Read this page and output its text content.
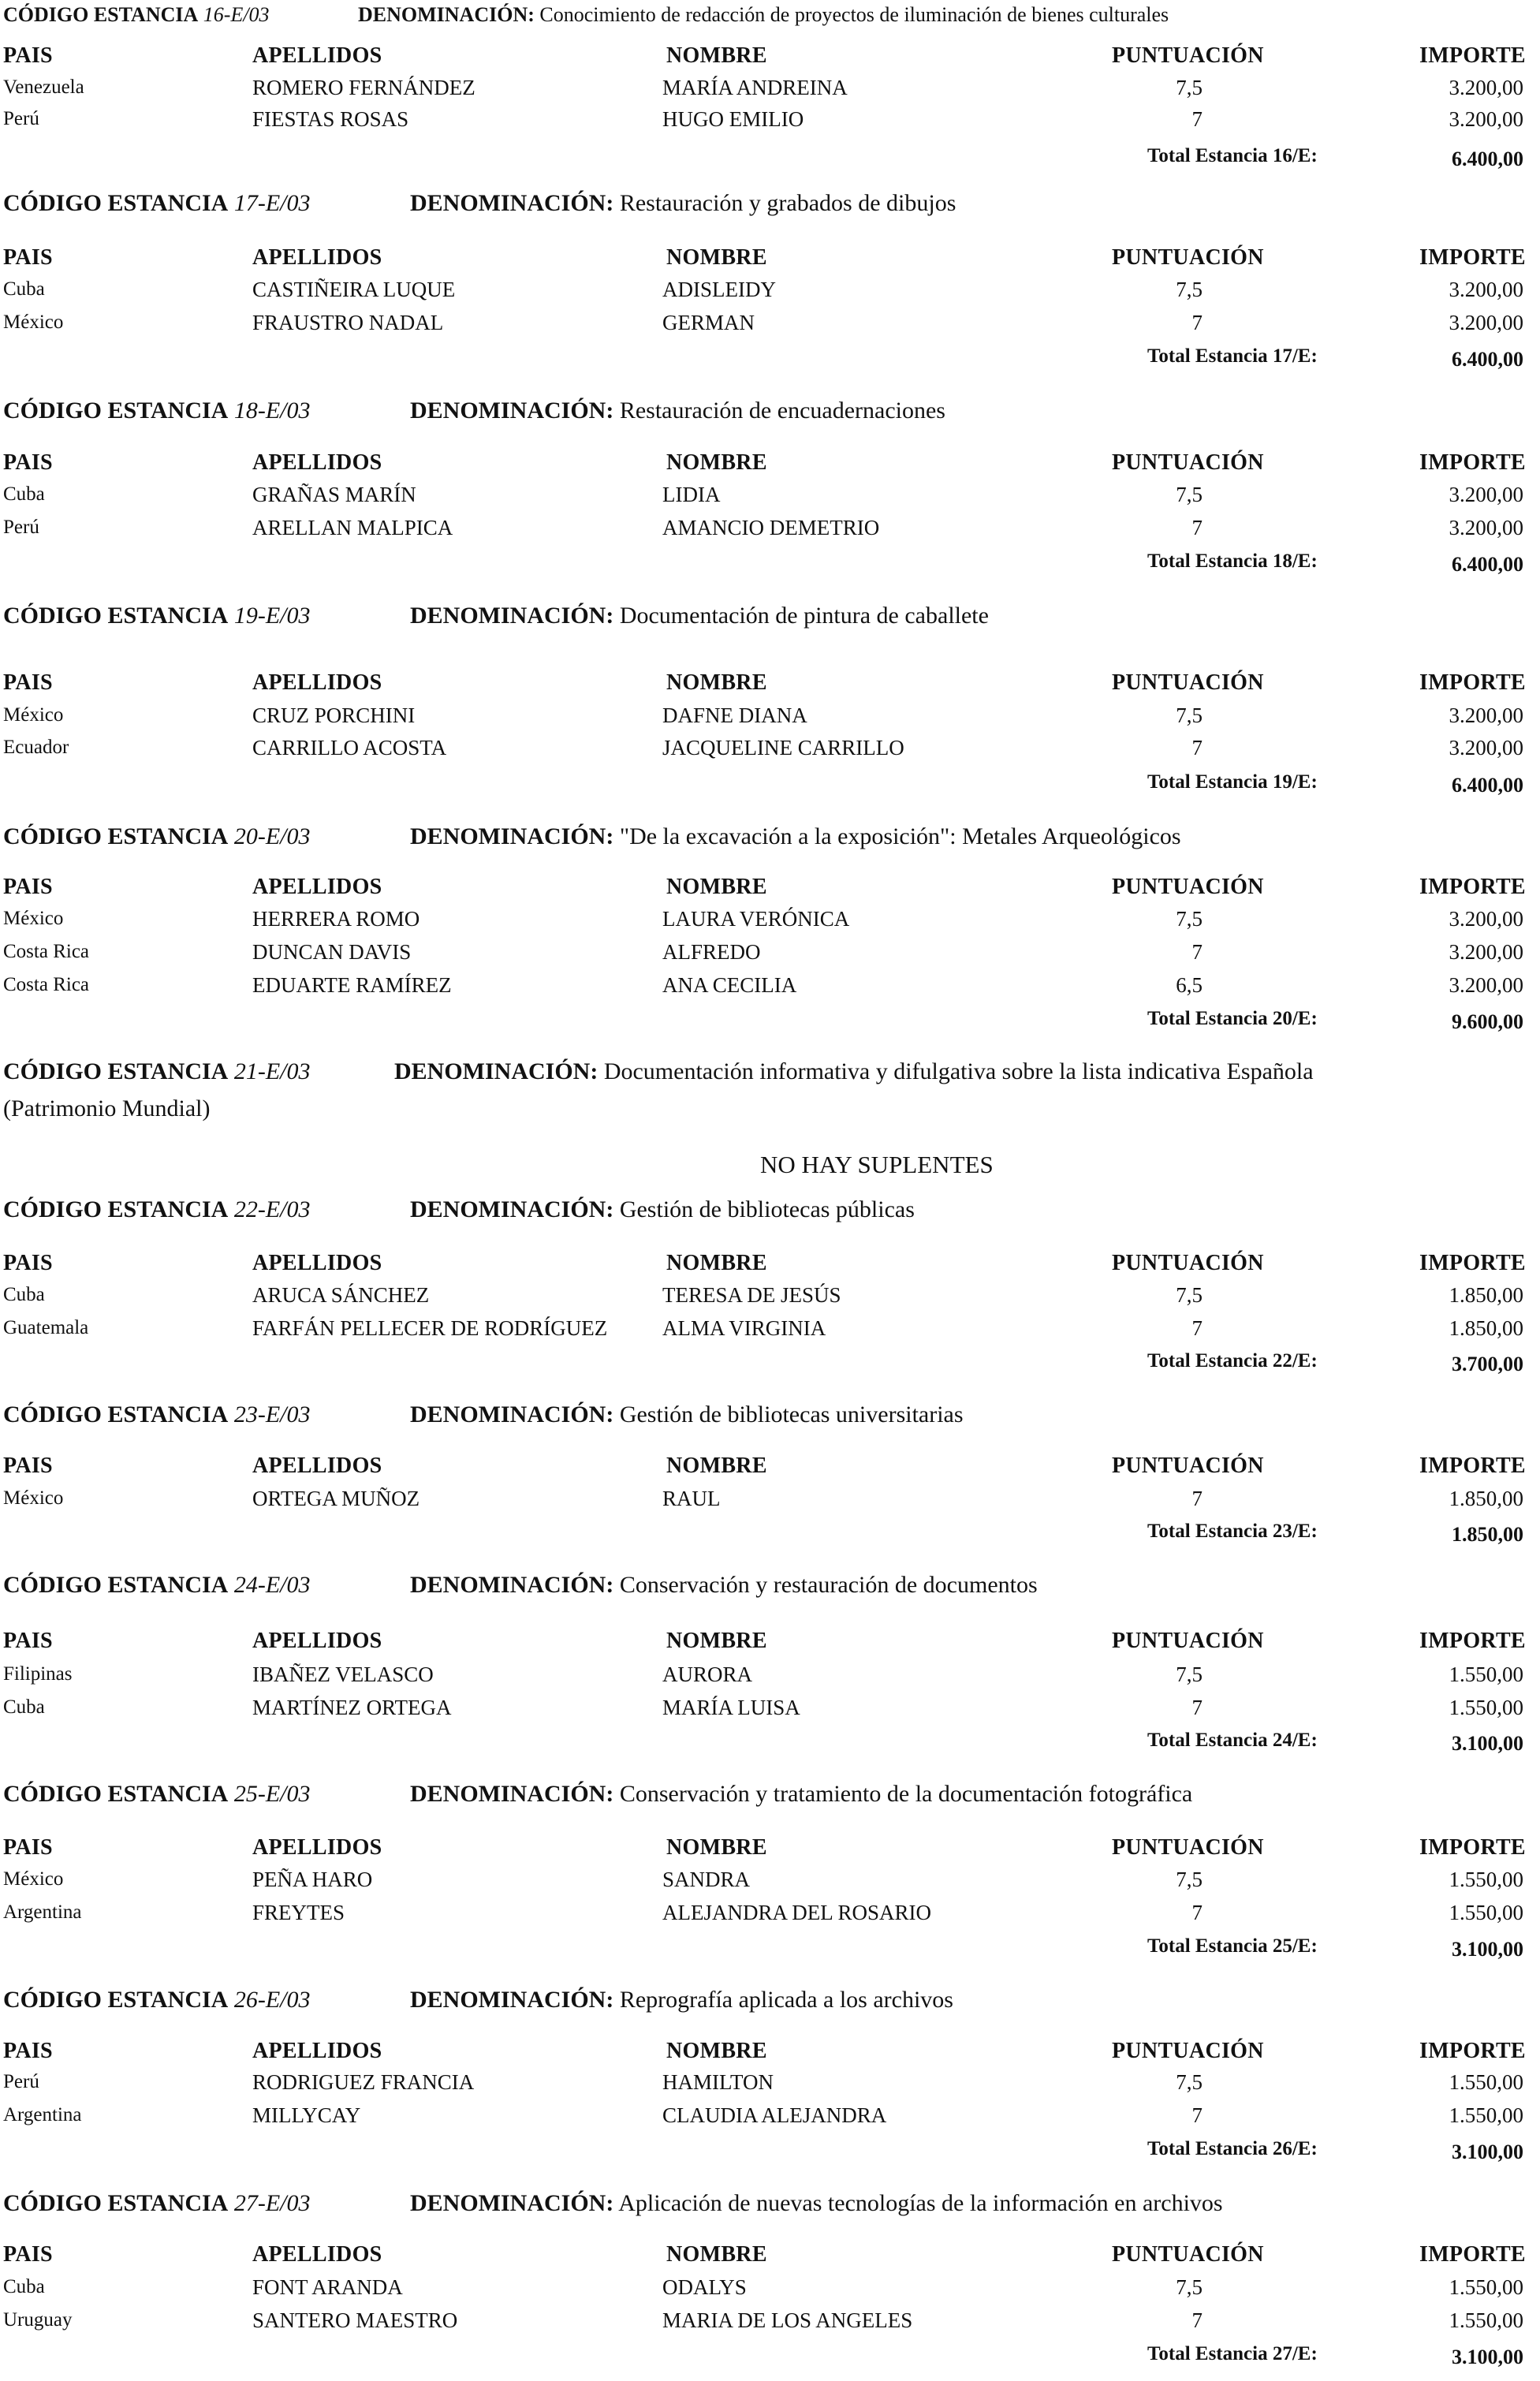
CÓDIGO ESTANCIA 16-E/03	DENOMINACIÓN: Conocimiento de redacción de proyectos de iluminación de bienes culturales
PAIS	APELLIDOS	NOMBRE	PUNTUACIÓN	IMPORTE
Venezuela	ROMERO FERNÁNDEZ	MARÍA ANDREINA	7,5	3.200,00
Perú	FIESTAS ROSAS	HUGO EMILIO	7	3.200,00
Total Estancia 16/E:	6.400,00
CÓDIGO ESTANCIA 17-E/03	DENOMINACIÓN: Restauración y grabados de dibujos
PAIS	APELLIDOS	NOMBRE	PUNTUACIÓN	IMPORTE
Cuba	CASTIÑEIRA LUQUE	ADISLEIDY	7,5	3.200,00
México	FRAUSTRO NADAL	GERMAN	7	3.200,00
Total Estancia 17/E:	6.400,00
CÓDIGO ESTANCIA 18-E/03	DENOMINACIÓN: Restauración de encuadernaciones
PAIS	APELLIDOS	NOMBRE	PUNTUACIÓN	IMPORTE
Cuba	GRAÑAS MARÍN	LIDIA	7,5	3.200,00
Perú	ARELLAN MALPICA	AMANCIO DEMETRIO	7	3.200,00
Total Estancia 18/E:	6.400,00
CÓDIGO ESTANCIA 19-E/03	DENOMINACIÓN: Documentación de pintura de caballete
PAIS	APELLIDOS	NOMBRE	PUNTUACIÓN	IMPORTE
México	CRUZ PORCHINI	DAFNE DIANA	7,5	3.200,00
Ecuador	CARRILLO ACOSTA	JACQUELINE CARRILLO	7	3.200,00
Total Estancia 19/E:	6.400,00
CÓDIGO ESTANCIA 20-E/03	DENOMINACIÓN: "De la excavación a la exposición": Metales Arqueológicos
PAIS	APELLIDOS	NOMBRE	PUNTUACIÓN	IMPORTE
México	HERRERA ROMO	LAURA VERÓNICA	7,5	3.200,00
Costa Rica	DUNCAN DAVIS	ALFREDO	7	3.200,00
Costa Rica	EDUARTE RAMÍREZ	ANA CECILIA	6,5	3.200,00
Total Estancia 20/E:	9.600,00
CÓDIGO ESTANCIA 21-E/03	DENOMINACIÓN: Documentación informativa y difulgativa sobre la lista indicativa Española
(Patrimonio Mundial)
NO HAY SUPLENTES
CÓDIGO ESTANCIA 22-E/03	DENOMINACIÓN: Gestión de bibliotecas públicas
PAIS	APELLIDOS	NOMBRE	PUNTUACIÓN	IMPORTE
Cuba	ARUCA SÁNCHEZ	TERESA DE JESÚS	7,5	1.850,00
Guatemala	FARFÁN PELLECER DE RODRÍGUEZ	ALMA VIRGINIA	7	1.850,00
Total Estancia 22/E:	3.700,00
CÓDIGO ESTANCIA 23-E/03	DENOMINACIÓN: Gestión de bibliotecas universitarias
PAIS	APELLIDOS	NOMBRE	PUNTUACIÓN	IMPORTE
México	ORTEGA MUÑOZ	RAUL	7	1.850,00
Total Estancia 23/E:	1.850,00
CÓDIGO ESTANCIA 24-E/03	DENOMINACIÓN: Conservación y restauración de documentos
PAIS	APELLIDOS	NOMBRE	PUNTUACIÓN	IMPORTE
Filipinas	IBAÑEZ VELASCO	AURORA	7,5	1.550,00
Cuba	MARTÍNEZ ORTEGA	MARÍA LUISA	7	1.550,00
Total Estancia 24/E:	3.100,00
CÓDIGO ESTANCIA 25-E/03	DENOMINACIÓN: Conservación y tratamiento de la documentación fotográfica
PAIS	APELLIDOS	NOMBRE	PUNTUACIÓN	IMPORTE
México	PEÑA HARO	SANDRA	7,5	1.550,00
Argentina	FREYTES	ALEJANDRA DEL ROSARIO	7	1.550,00
Total Estancia 25/E:	3.100,00
CÓDIGO ESTANCIA 26-E/03	DENOMINACIÓN: Reprografía aplicada a los archivos
PAIS	APELLIDOS	NOMBRE	PUNTUACIÓN	IMPORTE
Perú	RODRIGUEZ FRANCIA	HAMILTON	7,5	1.550,00
Argentina	MILLYCAY	CLAUDIA ALEJANDRA	7	1.550,00
Total Estancia 26/E:	3.100,00
CÓDIGO ESTANCIA 27-E/03	DENOMINACIÓN: Aplicación de nuevas tecnologías de la información en archivos
PAIS	APELLIDOS	NOMBRE	PUNTUACIÓN	IMPORTE
Cuba	FONT ARANDA	ODALYS	7,5	1.550,00
Uruguay	SANTERO MAESTRO	MARIA DE LOS ANGELES	7	1.550,00
Total Estancia 27/E:	3.100,00
